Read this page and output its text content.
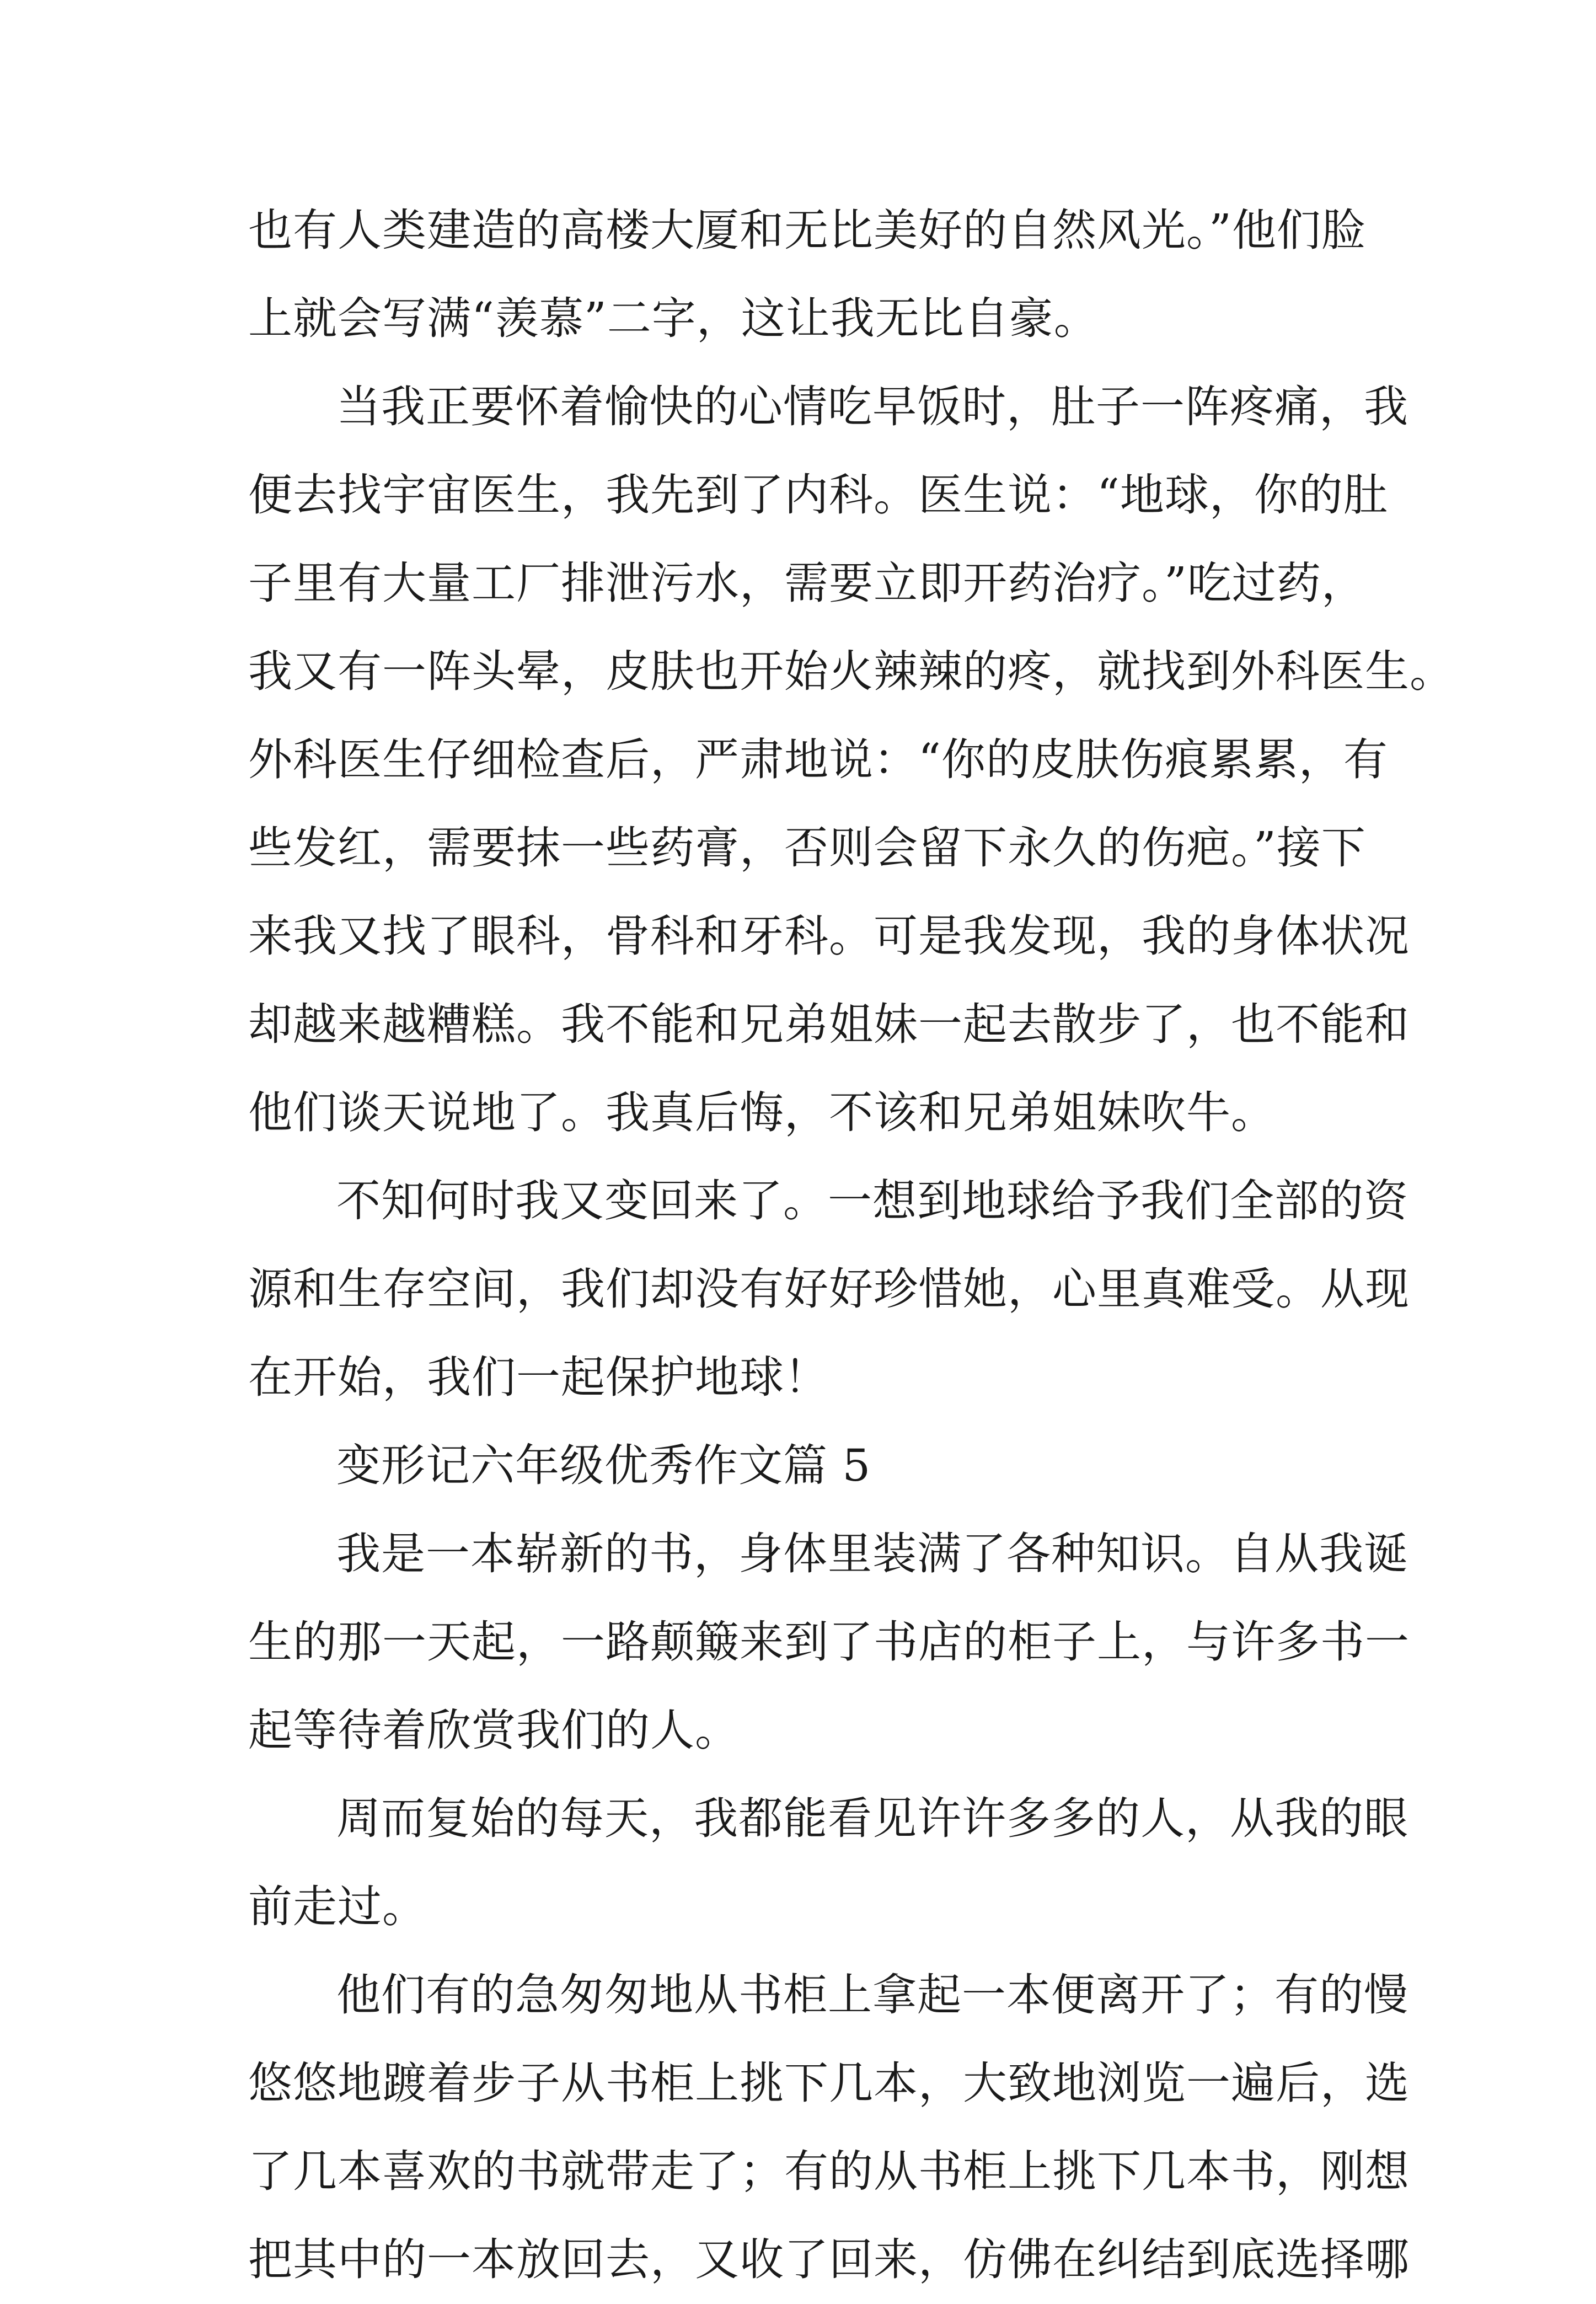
也有人类建造的高楼大厦和无比美好的自然风光。”他们脸
上就会写满“羡慕”二字，这让我无比自豪。
当我正要怀着愉快的心情吃早饭时，肚子一阵疼痛，我
便去找宇宙医生，我先到了内科。医生说：“地球，你的肚
子里有大量工厂排泄污水，需要立即开药治疗。”吃过药，
我又有一阵头晕，皮肤也开始火辣辣的疼，就找到外科医生。
外科医生仔细检查后，严肃地说：“你的皮肤伤痕累累，有
些发红，需要抹一些药膏，否则会留下永久的伤疤。”接下
来我又找了眼科，骨科和牙科。可是我发现，我的身体状况
却越来越糟糕。我不能和兄弟姐妹一起去散步了，也不能和
他们谈天说地了。我真后悔，不该和兄弟姐妹吹牛。
不知何时我又变回来了。一想到地球给予我们全部的资
源和生存空间，我们却没有好好珍惜她，心里真难受。从现
在开始，我们一起保护地球！
变形记六年级优秀作文篇 5
我是一本崭新的书，身体里装满了各种知识。自从我诞
生的那一天起，一路颠簸来到了书店的柜子上，与许多书一
起等待着欣赏我们的人。
周而复始的每天，我都能看见许许多多的人，从我的眼
前走过。
他们有的急匆匆地从书柜上拿起一本便离开了；有的慢
悠悠地踱着步子从书柜上挑下几本，大致地浏览一遍后，选
了几本喜欢的书就带走了；有的从书柜上挑下几本书，刚想
把其中的一本放回去，又收了回来，仿佛在纠结到底选择哪
